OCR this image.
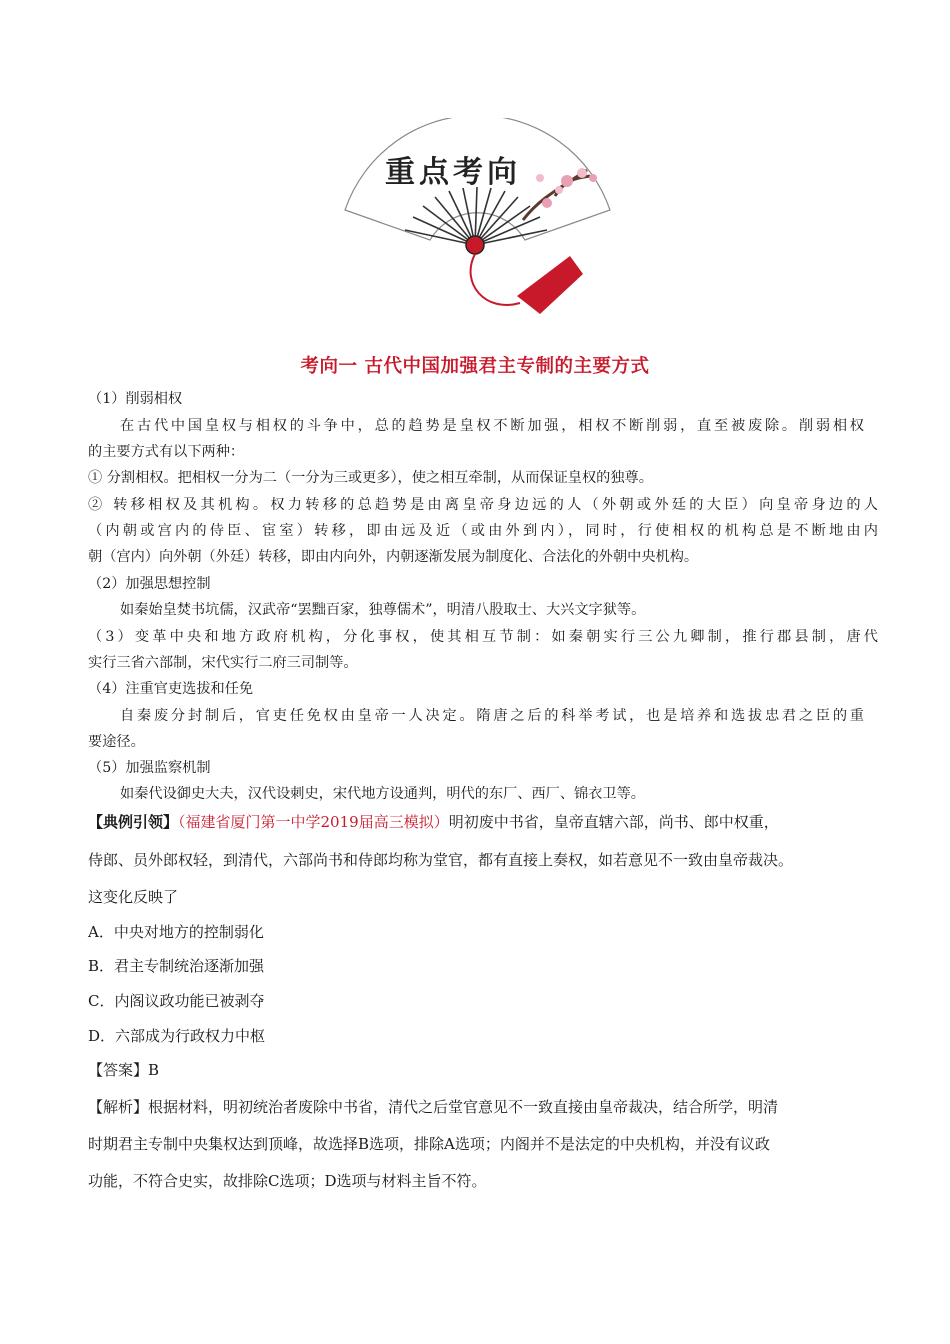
重点考向
考向一 古代中国加强君主专制的主要方式
（1）削弱相权
在古代中国皇权与相权的斗争中，总的趋势是皇权不断加强，相权不断削弱，直至被废除。削弱相权
的主要方式有以下两种：
① 分割相权。把相权一分为二（一分为三或更多），使之相互牵制，从而保证皇权的独尊。
② 转移相权及其机构。权力转移的总趋势是由离皇帝身边远的人（外朝或外廷的大臣）向皇帝身边的人
（内朝或宫内的侍臣、宦室）转移，即由远及近（或由外到内），同时，行使相权的机构总是不断地由内
朝（宫内）向外朝（外廷）转移，即由内向外，内朝逐渐发展为制度化、合法化的外朝中央机构。
（2）加强思想控制
如秦始皇焚书坑儒，汉武帝“罢黜百家，独尊儒术”，明清八股取士、大兴文字狱等。
（3）变革中央和地方政府机构，分化事权，使其相互节制：如秦朝实行三公九卿制，推行郡县制，唐代
实行三省六部制，宋代实行二府三司制等。
（4）注重官吏选拔和任免
自秦废分封制后，官吏任免权由皇帝一人决定。隋唐之后的科举考试，也是培养和选拔忠君之臣的重
要途径。
（5）加强监察机制
如秦代设御史大夫，汉代设刺史，宋代地方设通判，明代的东厂、西厂、锦衣卫等。
【典例引领】（福建省厦门第一中学2019届高三模拟）明初废中书省，皇帝直辖六部，尚书、郎中权重，
侍郎、员外郎权轻，到清代，六部尚书和侍郎均称为堂官，都有直接上奏权，如若意见不一致由皇帝裁决。
这变化反映了
A．中央对地方的控制弱化
B．君主专制统治逐渐加强
C．内阁议政功能已被剥夺
D．六部成为行政权力中枢
【答案】B
【解析】根据材料，明初统治者废除中书省，清代之后堂官意见不一致直接由皇帝裁决，结合所学，明清
时期君主专制中央集权达到顶峰，故选择B选项，排除A选项；内阁并不是法定的中央机构，并没有议政
功能，不符合史实，故排除C选项；D选项与材料主旨不符。
